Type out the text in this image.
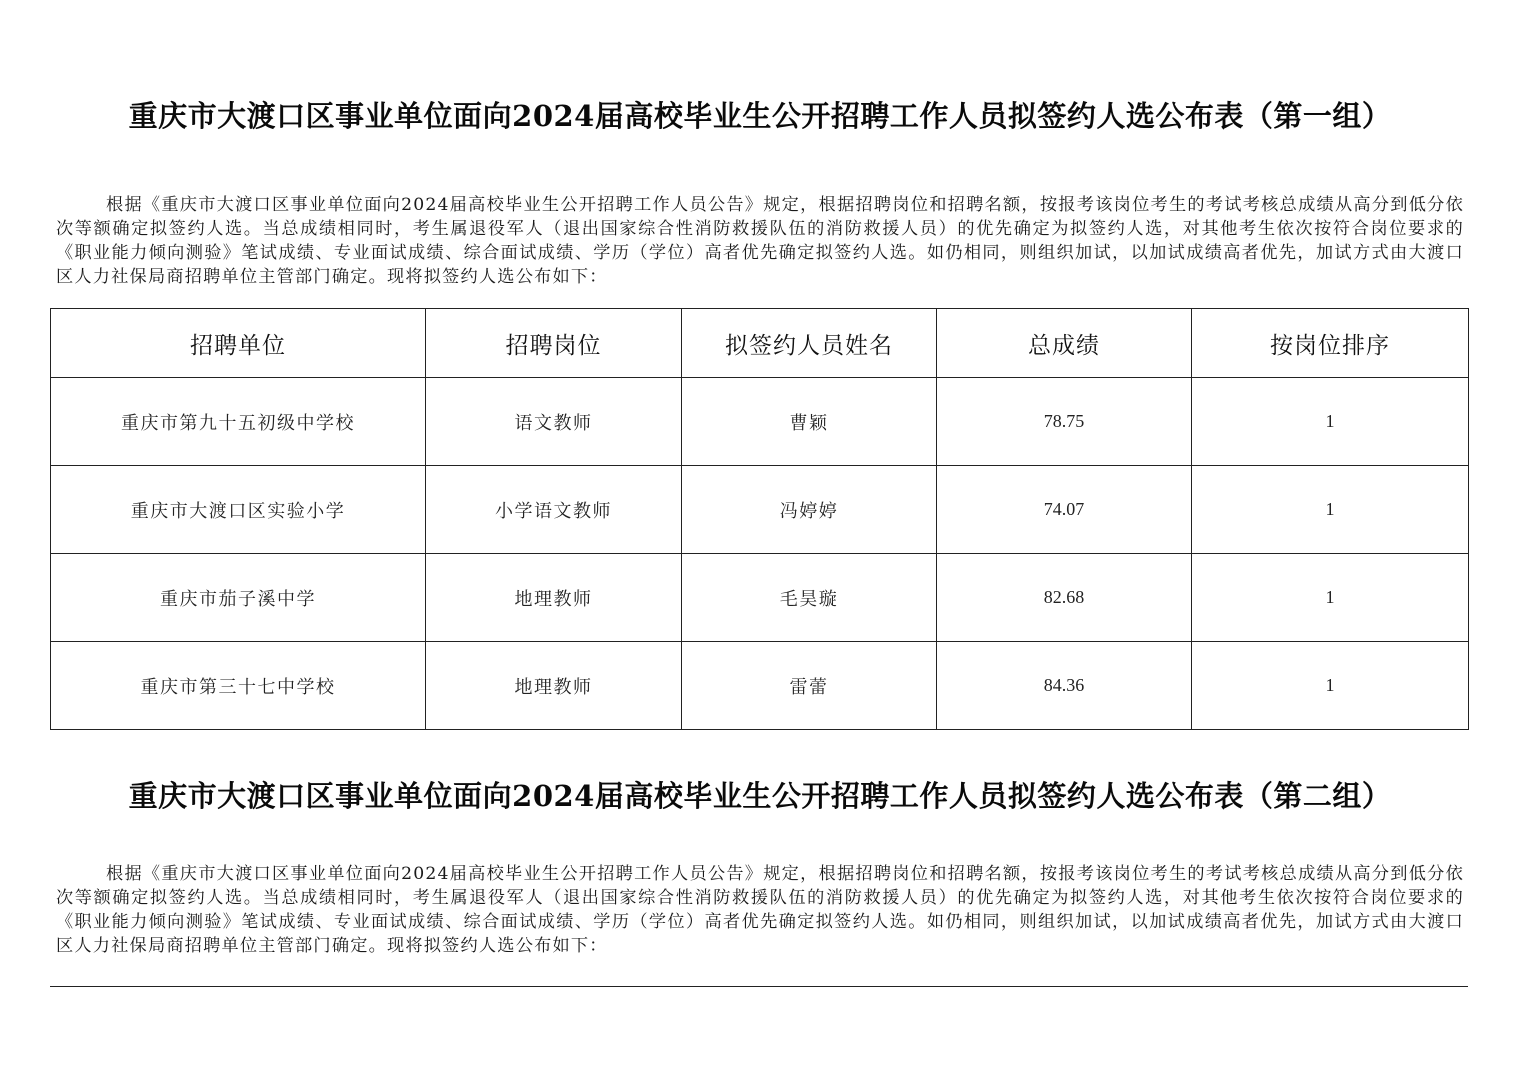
重庆市大渡口区事业单位面向2024届高校毕业生公开招聘工作人员拟签约人选公布表（第一组）
根据《重庆市大渡口区事业单位面向2024届高校毕业生公开招聘工作人员公告》规定，根据招聘岗位和招聘名额，按报考该岗位考生的考试考核总成绩从高分到低分依次等额确定拟签约人选。当总成绩相同时，考生属退役军人（退出国家综合性消防救援队伍的消防救援人员）的优先确定为拟签约人选，对其他考生依次按符合岗位要求的《职业能力倾向测验》笔试成绩、专业面试成绩、综合面试成绩、学历（学位）高者优先确定拟签约人选。如仍相同，则组织加试，以加试成绩高者优先，加试方式由大渡口区人力社保局商招聘单位主管部门确定。现将拟签约人选公布如下：
招聘单位	招聘岗位	拟签约人员姓名	总成绩	按岗位排序
重庆市第九十五初级中学校	语文教师	曹颖	78.75	1
重庆市大渡口区实验小学	小学语文教师	冯婷婷	74.07	1
重庆市茄子溪中学	地理教师	毛昊璇	82.68	1
重庆市第三十七中学校	地理教师	雷蕾	84.36	1
重庆市大渡口区事业单位面向2024届高校毕业生公开招聘工作人员拟签约人选公布表（第二组）
根据《重庆市大渡口区事业单位面向2024届高校毕业生公开招聘工作人员公告》规定，根据招聘岗位和招聘名额，按报考该岗位考生的考试考核总成绩从高分到低分依次等额确定拟签约人选。当总成绩相同时，考生属退役军人（退出国家综合性消防救援队伍的消防救援人员）的优先确定为拟签约人选，对其他考生依次按符合岗位要求的《职业能力倾向测验》笔试成绩、专业面试成绩、综合面试成绩、学历（学位）高者优先确定拟签约人选。如仍相同，则组织加试，以加试成绩高者优先，加试方式由大渡口区人力社保局商招聘单位主管部门确定。现将拟签约人选公布如下：
